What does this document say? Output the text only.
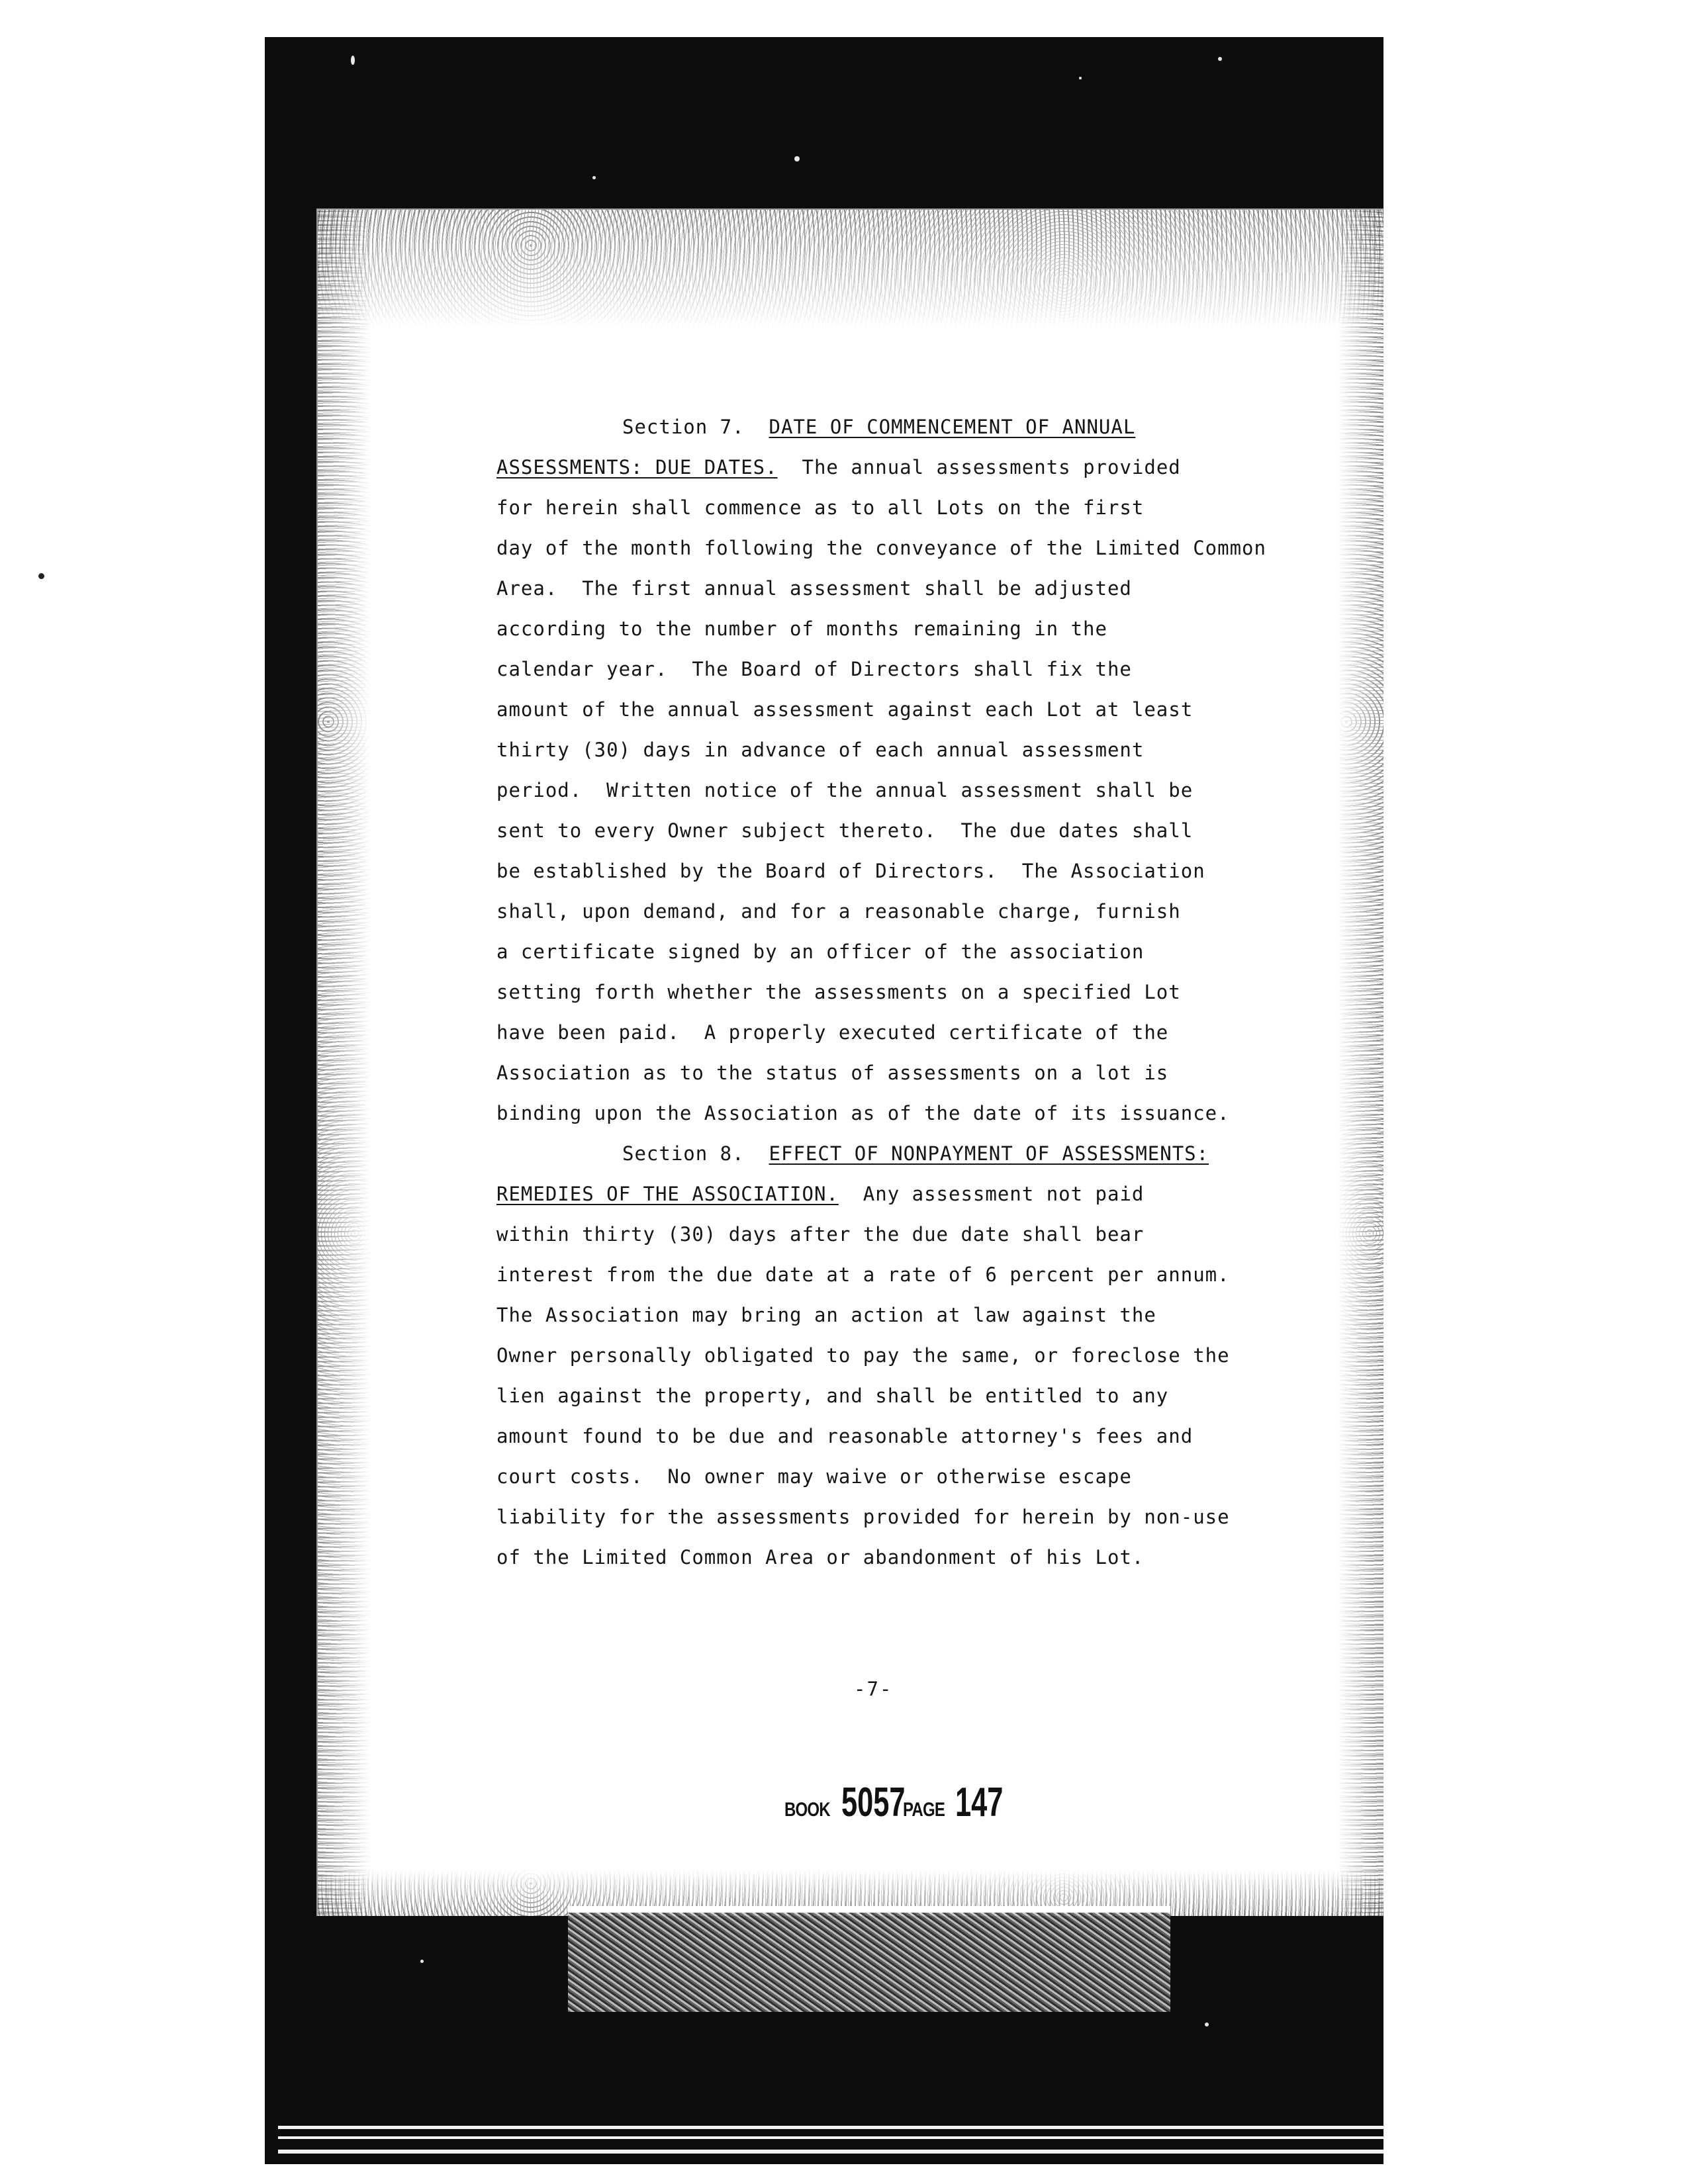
Section 7. DATE OF COMMENCEMENT OF ANNUAL
ASSESSMENTS: DUE DATES. The annual assessments provided
for herein shall commence as to all Lots on the first
day of the month following the conveyance of the Limited Common
Area.  The first annual assessment shall be adjusted
according to the number of months remaining in the
calendar year.  The Board of Directors shall fix the
amount of the annual assessment against each Lot at least
thirty (30) days in advance of each annual assessment
period.  Written notice of the annual assessment shall be
sent to every Owner subject thereto.  The due dates shall
be established by the Board of Directors.  The Association
shall, upon demand, and for a reasonable charge, furnish
a certificate signed by an officer of the association
setting forth whether the assessments on a specified Lot
have been paid.  A properly executed certificate of the
Association as to the status of assessments on a lot is
binding upon the Association as of the date of its issuance.
Section 8. EFFECT OF NONPAYMENT OF ASSESSMENTS:
REMEDIES OF THE ASSOCIATION. Any assessment not paid
within thirty (30) days after the due date shall bear
interest from the due date at a rate of 6 percent per annum.
The Association may bring an action at law against the
Owner personally obligated to pay the same, or foreclose the
lien against the property, and shall be entitled to any
amount found to be due and reasonable attorney's fees and
court costs.  No owner may waive or otherwise escape
liability for the assessments provided for herein by non-use
of the Limited Common Area or abandonment of his Lot.
-7-
BOOK 5057PAGE 147
